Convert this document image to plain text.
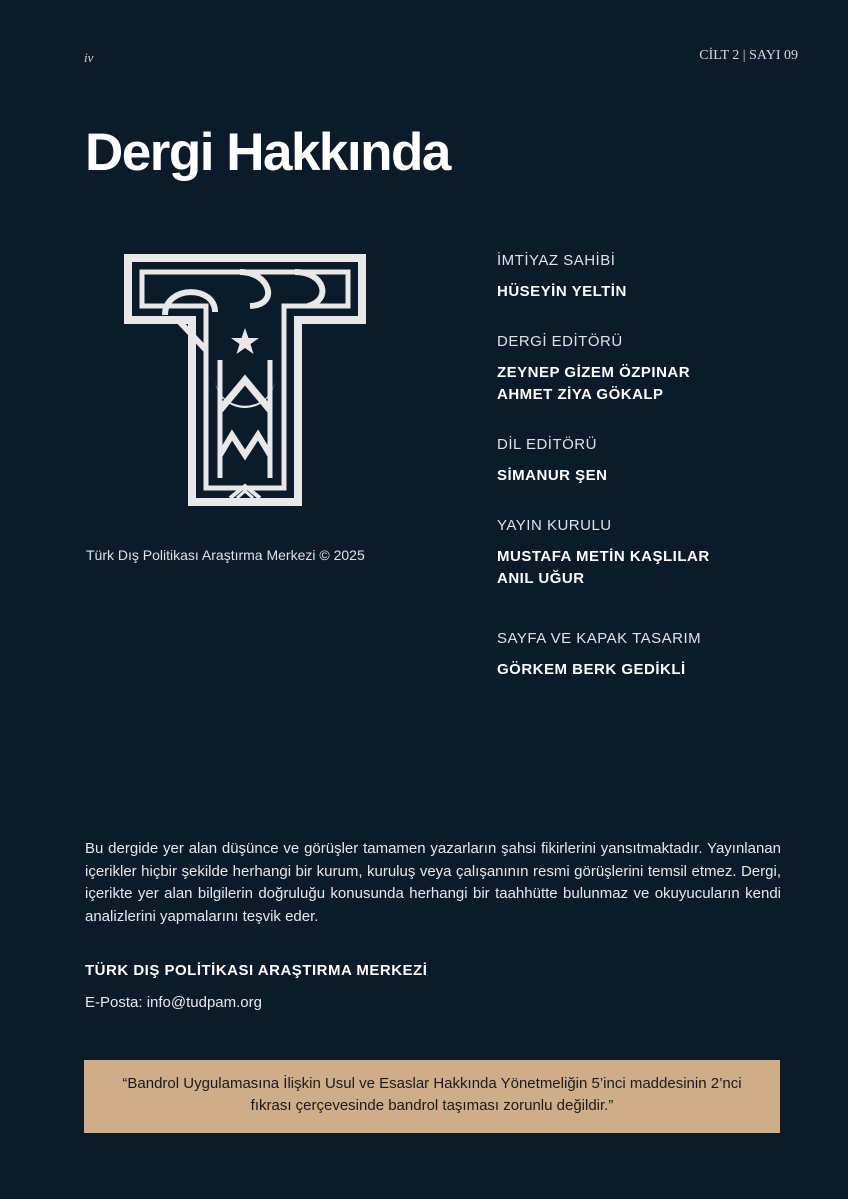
iv	CİLT 2 | SAYI 09
Dergi Hakkında
Türk Dış Politikası Araştırma Merkezi © 2025
İMTİYAZ SAHİBİ
HÜSEYİN YELTİN
DERGİ EDİTÖRÜ
ZEYNEP GİZEM ÖZPINAR
AHMET ZİYA GÖKALP
DİL EDİTÖRÜ
SİMANUR ŞEN
YAYIN KURULU
MUSTAFA METİN KAŞLILAR
ANIL UĞUR
SAYFA VE KAPAK TASARIM
GÖRKEM BERK GEDİKLİ

Bu dergide yer alan düşünce ve görüşler tamamen yazarların şahsi fikirlerini yansıtmaktadır. Yayınlanan içerikler hiçbir şekilde herhangi bir kurum, kuruluş veya çalışanının resmi görüşlerini temsil etmez. Dergi, içerikte yer alan bilgilerin doğruluğu konusunda herhangi bir taahhütte bulunmaz ve okuyucuların kendi analizlerini yapmalarını teşvik eder.

TÜRK DIŞ POLİTİKASI ARAŞTIRMA MERKEZİ
E-Posta: info@tudpam.org
“Bandrol Uygulamasına İlişkin Usul ve Esaslar Hakkında Yönetmeliğin 5’inci maddesinin 2’nci fıkrası çerçevesinde bandrol taşıması zorunlu değildir.”
